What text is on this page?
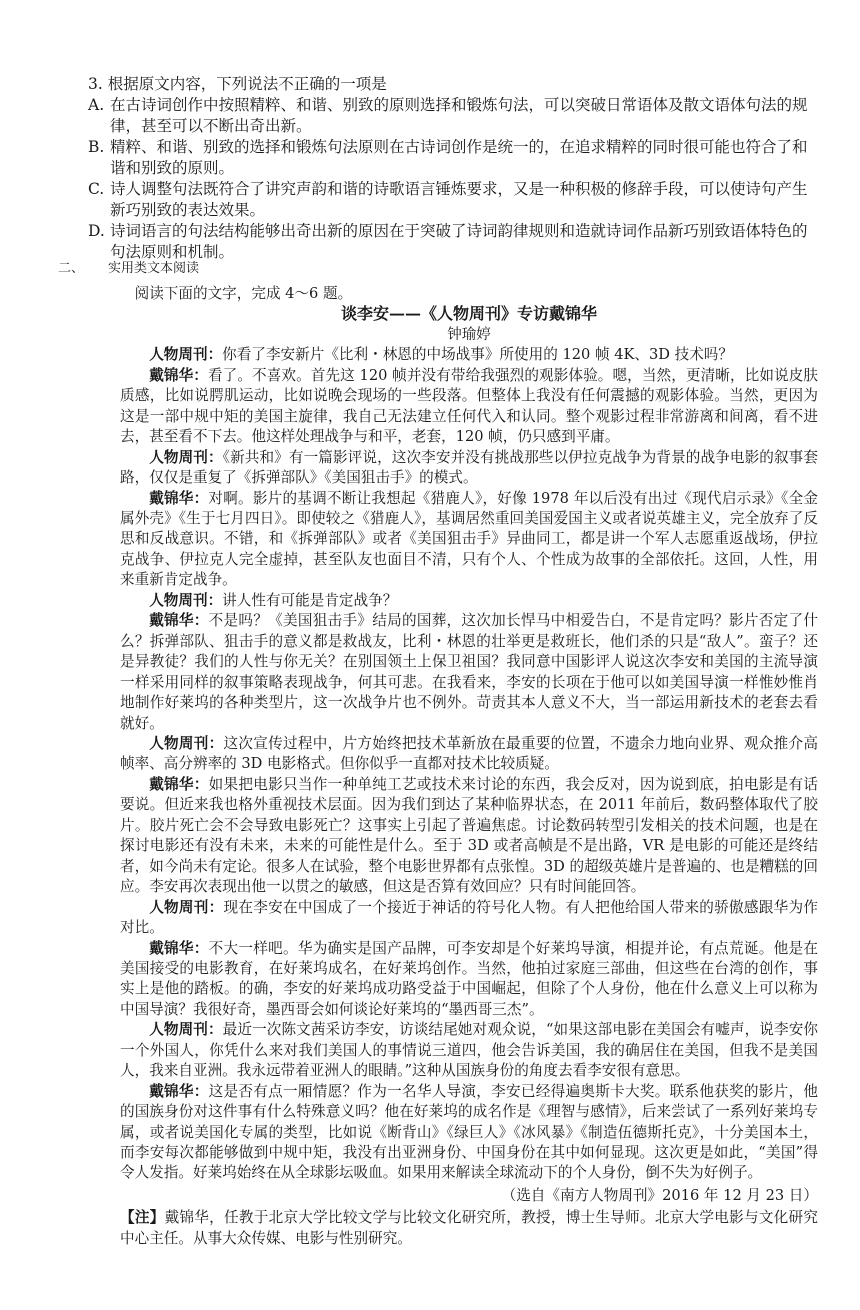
3. 根据原文内容，下列说法不正确的一项是

A. 在古诗词创作中按照精粹、和谐、别致的原则选择和锻炼句法，可以突破日常语体及散文语体句法的规律，甚至可以不断出奇出新。
B. 精粹、和谐、别致的选择和锻炼句法原则在古诗词创作是统一的，在追求精粹的同时很可能也符合了和谐和别致的原则。
C. 诗人调整句法既符合了讲究声韵和谐的诗歌语言锤炼要求，又是一种积极的修辞手段，可以使诗句产生新巧别致的表达效果。
D. 诗词语言的句法结构能够出奇出新的原因在于突破了诗词韵律规则和造就诗词作品新巧别致语体特色的句法原则和机制。
二、 实用类文本阅读

阅读下面的文字，完成 4～6 题。

谈李安——《人物周刊》专访戴锦华

钟瑜婷

人物周刊：你看了李安新片《比利・林恩的中场战事》所使用的 120 帧 4K、3D 技术吗？

戴锦华：看了。不喜欢。首先这 120 帧并没有带给我强烈的观影体验。嗯，当然，更清晰，比如说皮肤质感，比如说腭肌运动，比如说晚会现场的一些段落。但整体上我没有任何震撼的观影体验。当然，更因为这是一部中规中矩的美国主旋律，我自己无法建立任何代入和认同。整个观影过程非常游离和间离，看不进去，甚至看不下去。他这样处理战争与和平，老套，120 帧，仍只感到平庸。

人物周刊：《新共和》有一篇影评说，这次李安并没有挑战那些以伊拉克战争为背景的战争电影的叙事套路，仅仅是重复了《拆弹部队》《美国狙击手》的模式。

戴锦华：对啊。影片的基调不断让我想起《猎鹿人》，好像 1978 年以后没有出过《现代启示录》《全金属外壳》《生于七月四日》。即使较之《猎鹿人》，基调居然重回美国爱国主义或者说英雄主义，完全放弃了反思和反战意识。不错，和《拆弹部队》或者《美国狙击手》异曲同工，都是讲一个军人志愿重返战场，伊拉克战争、伊拉克人完全虚掉，甚至队友也面目不清，只有个人、个性成为故事的全部依托。这回，人性，用来重新肯定战争。

人物周刊：讲人性有可能是肯定战争？

戴锦华：不是吗？《美国狙击手》结局的国葬，这次加长悍马中相爱告白，不是肯定吗？影片否定了什么？拆弹部队、狙击手的意义都是救战友，比利・林恩的壮举更是救班长，他们杀的只是“敌人”。蛮子？还是异教徒？我们的人性与你无关？在别国领土上保卫祖国？我同意中国影评人说这次李安和美国的主流导演一样采用同样的叙事策略表现战争，何其可悲。在我看来，李安的长项在于他可以如美国导演一样惟妙惟肖地制作好莱坞的各种类型片，这一次战争片也不例外。苛责其本人意义不大，当一部运用新技术的老套去看就好。

人物周刊：这次宣传过程中，片方始终把技术革新放在最重要的位置，不遗余力地向业界、观众推介高帧率、高分辨率的 3D 电影格式。但你似乎一直都对技术比较质疑。

戴锦华：如果把电影只当作一种单纯工艺或技术来讨论的东西，我会反对，因为说到底，拍电影是有话要说。但近来我也格外重视技术层面。因为我们到达了某种临界状态，在 2011 年前后，数码整体取代了胶片。胶片死亡会不会导致电影死亡？这事实上引起了普遍焦虑。讨论数码转型引发相关的技术问题，也是在探讨电影还有没有未来，未来的可能性是什么。至于 3D 或者高帧是不是出路，VR 是电影的可能还是终结者，如今尚未有定论。很多人在试验，整个电影世界都有点张惶。3D 的超级英雄片是普遍的、也是糟糕的回应。李安再次表现出他一以贯之的敏感，但这是否算有效回应？只有时间能回答。

人物周刊：现在李安在中国成了一个接近于神话的符号化人物。有人把他给国人带来的骄傲感跟华为作对比。

戴锦华：不大一样吧。华为确实是国产品牌，可李安却是个好莱坞导演，相提并论，有点荒诞。他是在美国接受的电影教育，在好莱坞成名，在好莱坞创作。当然，他拍过家庭三部曲，但这些在台湾的创作，事实上是他的踏板。的确，李安的好莱坞成功路受益于中国崛起，但除了个人身份，他在什么意义上可以称为中国导演？我很好奇，墨西哥会如何谈论好莱坞的“墨西哥三杰”。

人物周刊：最近一次陈文茜采访李安，访谈结尾她对观众说，“如果这部电影在美国会有嘘声，说李安你一个外国人，你凭什么来对我们美国人的事情说三道四，他会告诉美国，我的确居住在美国，但我不是美国人，我来自亚洲。我永远带着亚洲人的眼睛。”这种从国族身份的角度去看李安很有意思。

戴锦华：这是否有点一厢情愿？作为一名华人导演，李安已经得遍奥斯卡大奖。联系他获奖的影片，他的国族身份对这件事有什么特殊意义吗？他在好莱坞的成名作是《理智与感情》，后来尝试了一系列好莱坞专属，或者说美国化专属的类型，比如说《断背山》《绿巨人》《冰风暴》《制造伍德斯托克》，十分美国本土，而李安每次都能够做到中规中矩，我没有出亚洲身份、中国身份在其中如何显现。这次更是如此，“美国”得令人发指。好莱坞始终在从全球影坛吸血。如果用来解读全球流动下的个人身份，倒不失为好例子。

（选自《南方人物周刊》2016 年 12 月 23 日）

【注】戴锦华，任教于北京大学比较文学与比较文化研究所，教授，博士生导师。北京大学电影与文化研究中心主任。从事大众传媒、电影与性别研究。
